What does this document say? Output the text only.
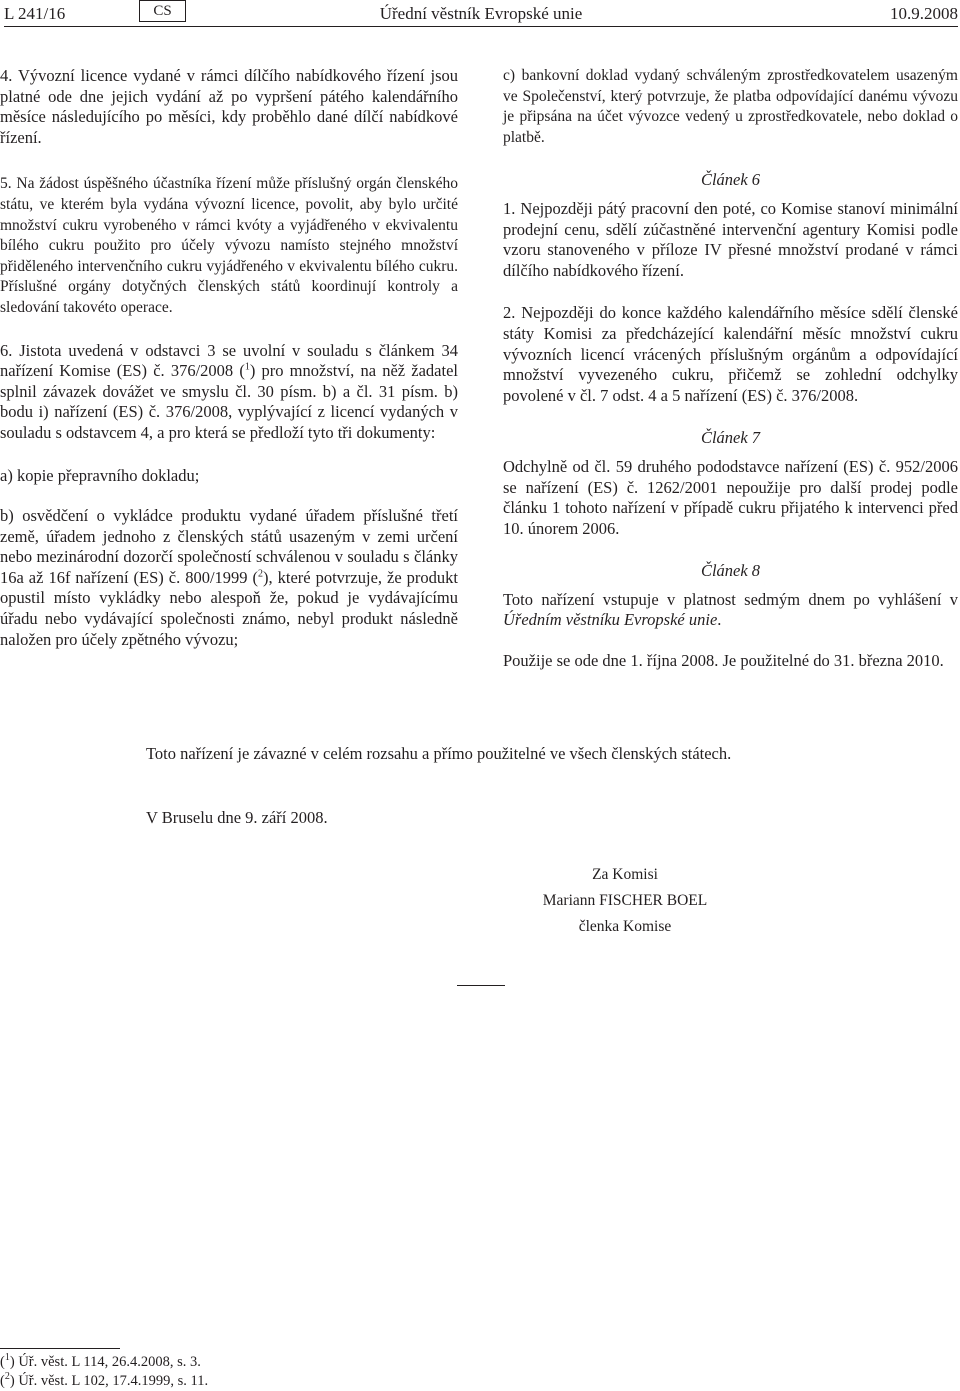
L 241/16	CS	Úřední věstník Evropské unie	10.9.2008

4. Vývozní licence vydané v rámci dílčího nabídkového řízení jsou platné ode dne jejich vydání až po vypršení pátého kalendářního měsíce následujícího po měsíci, kdy proběhlo dané dílčí nabídkové řízení.

5. Na žádost úspěšného účastníka řízení může příslušný orgán členského státu, ve kterém byla vydána vývozní licence, povolit, aby bylo určité množství cukru vyrobeného v rámci kvóty a vyjádřeného v ekvivalentu bílého cukru použito pro účely vývozu namísto stejného množství přiděleného intervenčního cukru vyjádřeného v ekvivalentu bílého cukru. Příslušné orgány dotyčných členských států koordinují kontroly a sledování takovéto operace.

6. Jistota uvedená v odstavci 3 se uvolní v souladu s článkem 34 nařízení Komise (ES) č. 376/2008 ($^1$) pro množství, na něž žadatel splnil závazek dovážet ve smyslu čl. 30 písm. b) a čl. 31 písm. b) bodu i) nařízení (ES) č. 376/2008, vyplývající z licencí vydaných v souladu s odstavcem 4, a pro která se předloží tyto tři dokumenty:

a) kopie přepravního dokladu;

b) osvědčení o vykládce produktu vydané úřadem příslušné třetí země, úřadem jednoho z členských států usazeným v zemi určení nebo mezinárodní dozorčí společností schválenou v souladu s články 16a až 16f nařízení (ES) č. 800/1999 ($^2$), které potvrzuje, že produkt opustil místo vykládky nebo alespoň že, pokud je vydávajícímu úřadu nebo vydávající společnosti známo, nebyl produkt následně naložen pro účely zpětného vývozu;

c) bankovní doklad vydaný schváleným zprostředkovatelem usazeným ve Společenství, který potvrzuje, že platba odpovídající danému vývozu je připsána na účet vývozce vedený u zprostředkovatele, nebo doklad o platbě.

Článek 6

1. Nejpozději pátý pracovní den poté, co Komise stanoví minimální prodejní cenu, sdělí zúčastněné intervenční agentury Komisi podle vzoru stanoveného v příloze IV přesné množství prodané v rámci dílčího nabídkového řízení.

2. Nejpozději do konce každého kalendářního měsíce sdělí členské státy Komisi za předcházející kalendářní měsíc množství cukru vývozních licencí vrácených příslušným orgánům a odpovídající množství vyvezeného cukru, přičemž se zohlední odchylky povolené v čl. 7 odst. 4 a 5 nařízení (ES) č. 376/2008.

Článek 7

Odchylně od čl. 59 druhého pododstavce nařízení (ES) č. 952/2006 se nařízení (ES) č. 1262/2001 nepoužije pro další prodej podle článku 1 tohoto nařízení v případě cukru přijatého k intervenci před 10. únorem 2006.

Článek 8

Toto nařízení vstupuje v platnost sedmým dnem po vyhlášení v Úředním věstníku Evropské unie.

Použije se ode dne 1. října 2008. Je použitelné do 31. března 2010.

Toto nařízení je závazné v celém rozsahu a přímo použitelné ve všech členských státech.
V Bruselu dne 9. září 2008.
Za Komisi
Mariann FISCHER BOEL
členka Komise
($^1$) Úř. věst. L 114, 26.4.2008, s. 3.
($^2$) Úř. věst. L 102, 17.4.1999, s. 11.
